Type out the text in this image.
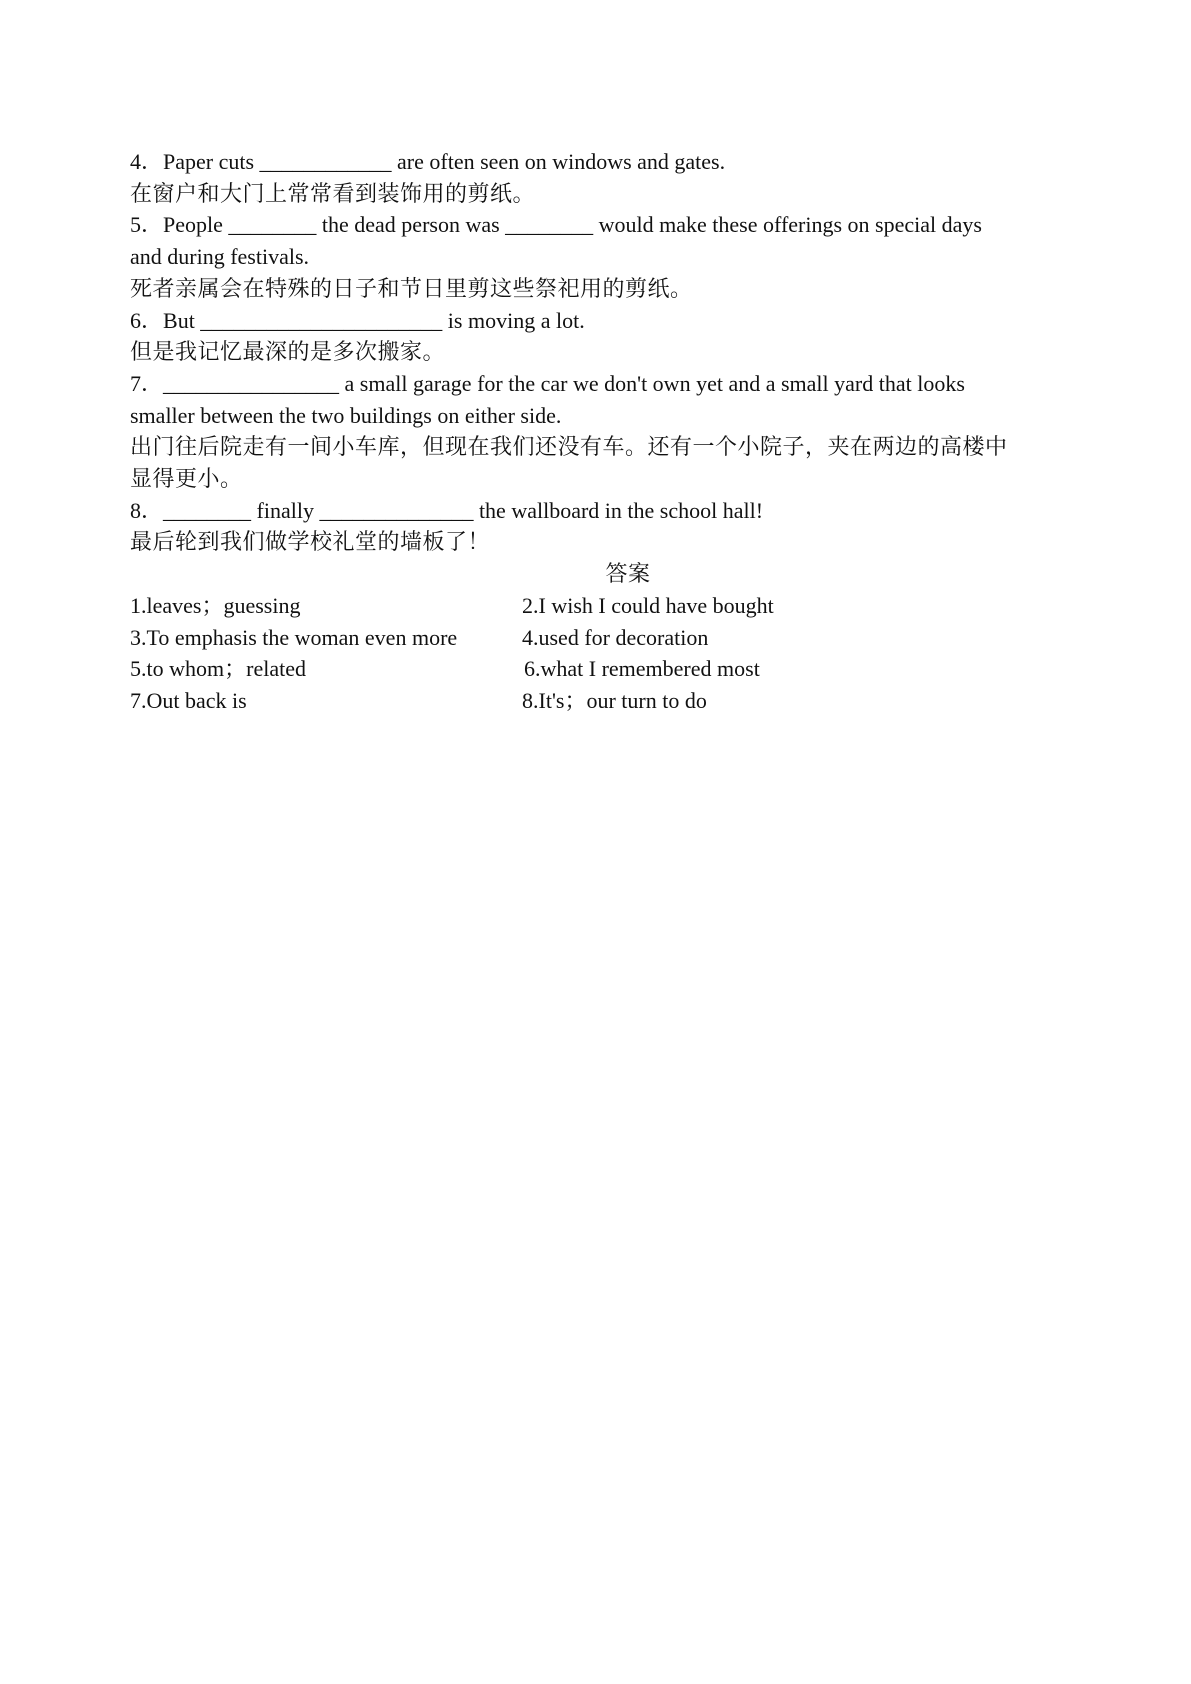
4．Paper cuts ____________ are often seen on windows and gates.
在窗户和大门上常常看到装饰用的剪纸。
5．People ________ the dead person was ________ would make these offerings on special days
and during festivals.
死者亲属会在特殊的日子和节日里剪这些祭祀用的剪纸。
6．But ______________________ is moving a lot.
但是我记忆最深的是多次搬家。
7．________________ a small garage for the car we don't own yet and a small yard that looks
smaller between the two buildings on either side.
出门往后院走有一间小车库，但现在我们还没有车。还有一个小院子，夹在两边的高楼中
显得更小。
8．________ finally ______________ the wallboard in the school hall!
最后轮到我们做学校礼堂的墙板了！
答案
1.leaves；guessing	2.I wish I could have bought
3.To emphasis the woman even more	4.used for decoration
5.to whom；related	6.what I remembered most
7.Out back is	8.It's；our turn to do
